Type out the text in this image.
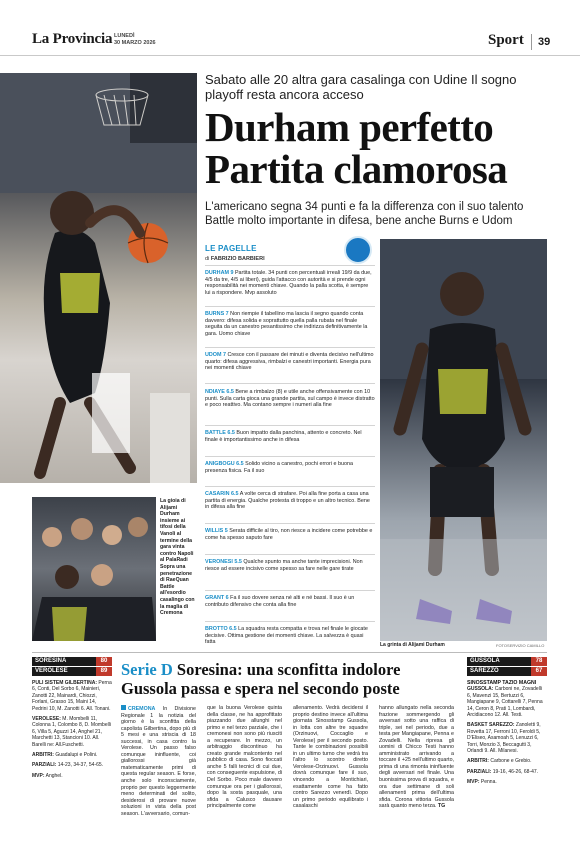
La Provincia LUNEDÌ
30 MARZO 2026	Sport	39
Sabato alle 20 altra gara casalinga con Udine Il sogno playoff resta ancora acceso
Durham perfetto
Partita clamorosa
L'americano segna 34 punti e fa la differenza con il suo talento Battle molto importante in difesa, bene anche Burns e Udom
LE PAGELLE
di FABRIZIO BARBIERI
DURHAM 9 Partita totale. 34 punti con percentuali irreali 19/9 da due, 4/5 da tre, 4/5 ai liberi), guida l'attacco con autorità e si prende ogni responsabilità nei momenti chiave. Quando la palla scotta, è sempre lui a rispondere. Mvp assoluto
BURNS 7 Non riempie il tabellino ma lascia il segno quando conta davvero: difesa solida e soprattutto quella palla rubata nel finale seguita da un canestro pesantissimo che indirizza definitivamente la gara. Uomo chiave
UDOM 7 Cresce con il passare dei minuti e diventa decisivo nell'ultimo quarto: difesa aggressiva, rimbalzi e canestri importanti. Energia pura nei momenti chiave
NDIAYE 6.5 Bene a rimbalzo (8) e utile anche offensivamente con 10 punti. Sulla carta gioca una grande partita, sul campo è invece distratto e poco reattivo. Ma contano sempre i numeri alla fine
BATTLE 6.5 Buon impatto dalla panchina, attento e concreto. Nel finale è importantissimo anche in difesa
ANIGBOGU 6.5 Solido vicino a canestro, pochi errori e buona presenza fisica. Fa il suo
CASARIN 6.5 A volte cerca di strafare. Poi alla fine porta a casa una partita di energia. Qualche protesta di troppo e un altro tecnico. Bene in difesa alla fine
WILLIS 5 Serata difficile al tiro, non riesce a incidere come potrebbe e come ha spesso saputo fare
VERONESI 5.5 Qualche spunto ma anche tante imprecisioni. Non riesce ad essere incisivo come spesso sa fare nelle gare tirate
GRANT 6 Fa il suo dovere senza né alti e né bassi. Il suo è un contributo difensivo che conta alla fine
BROTTO 6.5 La squadra resta compatta e trova nel finale le giocate decisive. Ottima gestione dei momenti chiave. La salvezza è quasi fatta
La gioia di Alijami Durham insieme ai tifosi della Vanoli al termine della gara vinta contro Napoli al PalaRadi Sopra una penetrazione di RaeQuan Battle all'esordio casalingo con la maglia di Cremona
La grinta di Alijami Durham	FOTOSERVIZIO CAMILLO
SORESINA	80
VEROLESE	89

PULI SISTEM GILBERTINA: Perna 6, Conti, Del Sorbo 6, Mainieri, Zanotti 22, Mainardi, Chiozzi, Forlani, Grasso 15, Maini 14, Pedrini 10, M. Zanotti 6. All. Tonani.

VEROLESE: M. Mombelli 11, Colonna 1, Colombo 8, D. Mombelli 6, Villa 5, Aguzzi 14, Anghel 21, Marchetti 13, Stancioni 10. All. Barelli ne: All.Fuschetti.

ARBITRI: Guadalupi e Polini.

PARZIALI: 14-23, 34-37, 54-65.

MVP: Anghel.

Serie D Soresina: una sconfitta indolore Gussola passa e spera nel secondo poste
CREMONA In Divisione Regionale 1 la notizia del giorno è la sconfitta della capolista Gilbertina, dopo più di 5 mesi e una striscia di 18 successi, in casa contro la Verolese. Un passo falso comunque ininfluente, coi giallorossi già matematicamente primi di questa regular season. E forse, anche solo inconsciamente, proprio per questo leggermente meno determinati del solito, desiderosi di provare nuove soluzioni in vista della post season. L'avversario, comun-
que la buona Verolese quinta della classe, ne ha approfittato piazzando due allunghi nel primo e nel terzo parziale, che i cremonesi non sono più riusciti a recuperare. In mezzo, un arbitraggio discontinuo ha creato grande malcontento nel pubblico di casa. Sono fioccati anche 5 falli tecnici di cui due, con conseguente espulsione, di Del Sorbo. Poco male davvero comunque ora per i giallorossi, dopo la sosta pasquale, una sfida a Calusco dausare principalmente come
allenamento. Vedrà decidersi il proprio destino invece all'ultima giornata Sinosstamp Gussola, in lotta con altre tre squadre (Orzinuovi, Coccaglio e Verolese) per il secondo posto. Tante le combinazioni possibili in un ultimo turno che vedrà tra l'altro lo scontro diretto Verolese-Orzinuovi. Gussola dovrà comunque fare il suo, vincendo a Montichiari, esattamente come ha fatto contro Sarezzo venerdì. Dopo un primo periodo equilibrato i casalaschi
hanno allungato nella seconda frazione sommergendo gli avversari sotto una raffica di triple, sei nel periodo, due a testa per Mangiapane, Penna e Zovadelli. Nella ripresa gli uomini di Chicco Testi hanno amministrato arrivando a toccare il +25 nell'ultimo quarto, prima di una rimonta ininfluente degli avversari nel finale. Una buonissima prova di squadra, e ora due settimane di soli allenamenti prima dell'ultima sfida. Corona vittoria Gussola sarà quanto meno terza. TG
GUSSOLA	78
SAREZZO	67

SINOSSTAMP TAZIO MAGNI

GUSSOLA: Carboni ne, Zovadelli 6, Mavenzi 15, Bertuzzi 6, Mangiapane 9, Cottarelli 7, Penna 14, Ceron 8, Prati 1, Lombardi, Arcidiacono 12. All. Testi.

BASKET SAREZZO: Zanoletti 9, Rovetta 17, Ferroni 10, Feroldi 5, D'Eliseo, Asamoah 5, Lenuzzi 6, Torri, Monzio 3, Beccagutti 3, Orlandi 9. All. Milanesi.

ARBITRI: Carbone e Grebio.

PARZIALI: 19-16, 46-26, 68-47.

MVP: Penna.
